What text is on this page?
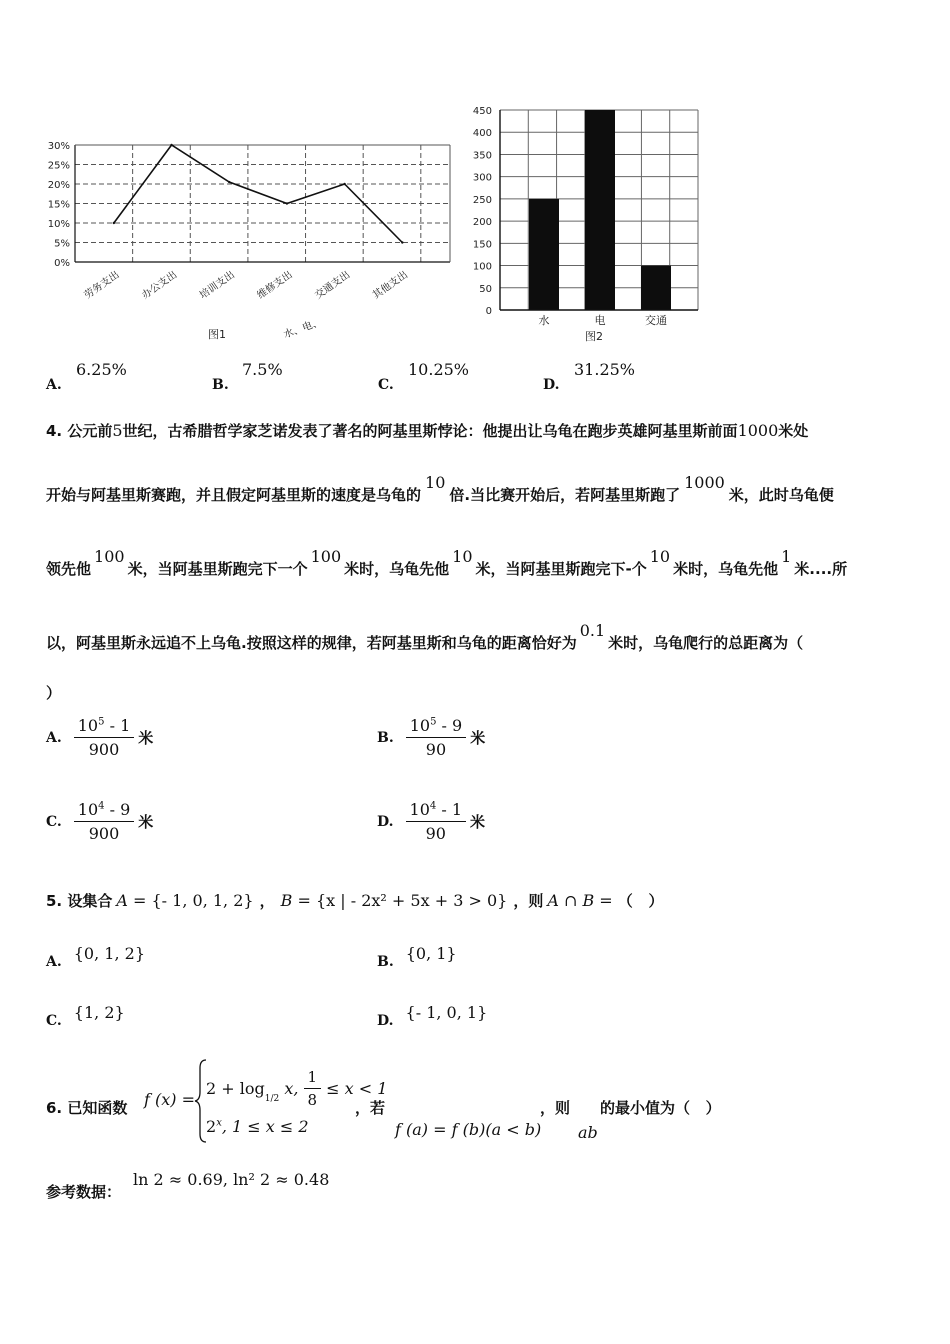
0%
5%
10%
15%
20%
25%
30%
劳务支出 办公支出 培训支出 维修支出 交通支出 其他支出
图1	水、电、
0
50
100
150
200
250
300
350
400
450
水	电	交通
图2
A.
6.25%
B.
7.5%
C.
10.25%
D.
31.25%
4. 公元前5世纪，古希腊哲学家芝诺发表了著名的阿基里斯悖论：他提出让乌龟在跑步英雄阿基里斯前面1000米处
开始与阿基里斯赛跑，并且假定阿基里斯的速度是乌龟的10倍.当比赛开始后，若阿基里斯跑了1000米，此时乌龟便
领先他100米，当阿基里斯跑完下一个100米时，乌龟先他10米，当阿基里斯跑完下-个10米时，乌龟先他1米....所
以，阿基里斯永远追不上乌龟.按照这样的规律，若阿基里斯和乌龟的距离恰好为0.1米时，乌龟爬行的总距离为（
）
A. $\frac{10^5 - 1}{900}$ 米	B. $\frac{10^5 - 9}{90}$ 米
C. $\frac{10^4 - 9}{900}$ 米	D. $\frac{10^4 - 1}{90}$ 米
5. 设集合 A = {- 1, 0, 1, 2} ， B = {x | - 2x² + 5x + 3 > 0} ，则 A ∩ B = （   ）
A. {0, 1, 2}	B. {0, 1}
C. {1, 2}	D. {- 1, 0, 1}
6. 已知函数 f (x) =
2 + log
1/2
x, $\frac{1}{8} \le x < 1$
2$^x$, 1 ≤ x ≤ 2
，若
f (a) = f (b)(a < b)
，则
ab
的最小值为（   ）
参考数据：
ln 2 ≈ 0.69, ln² 2 ≈ 0.48
